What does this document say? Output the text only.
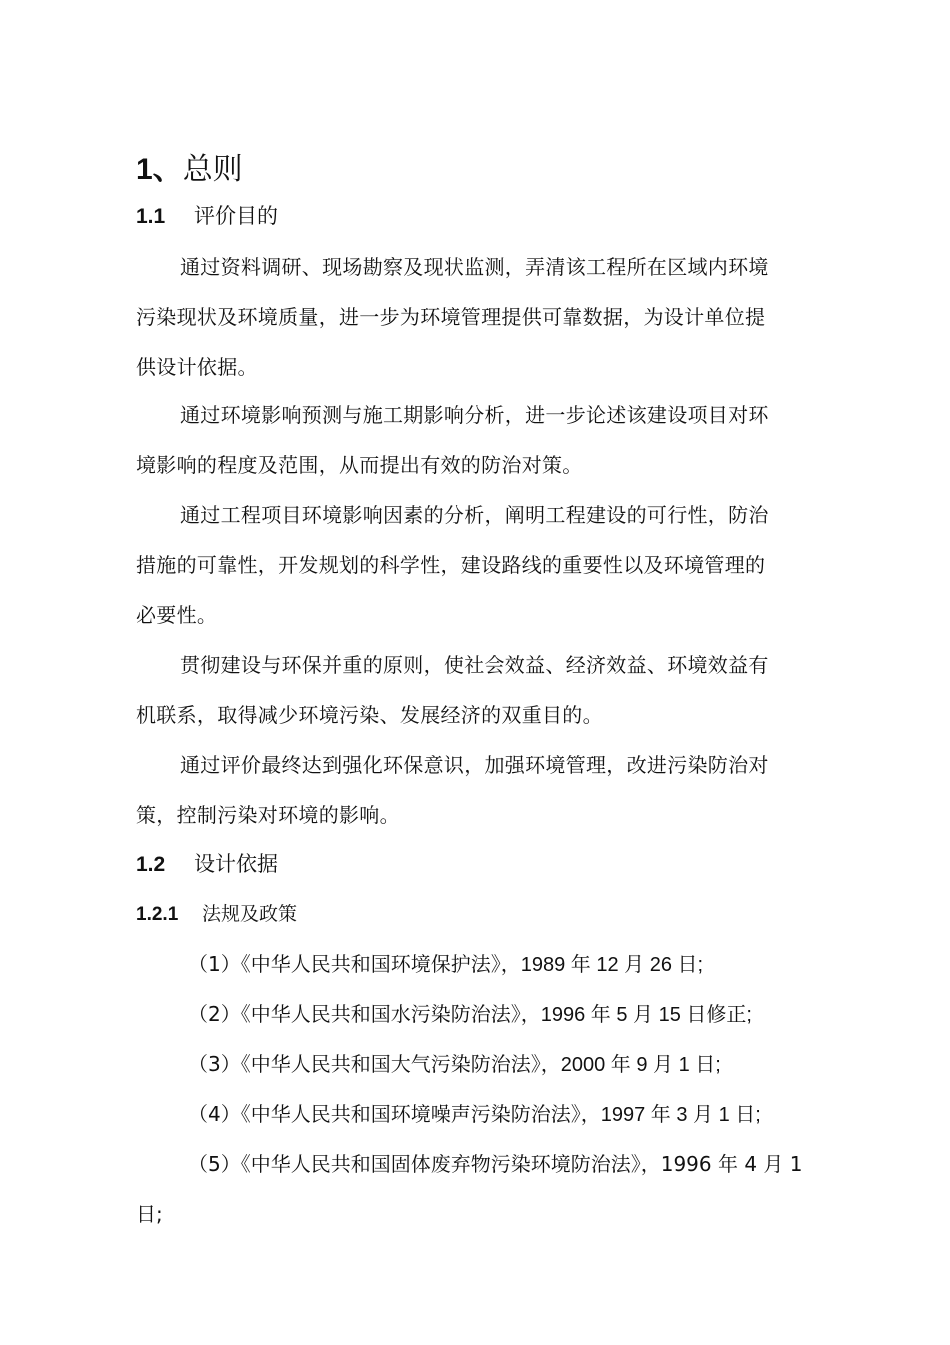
1、总则
1.1 评价目的

通过资料调研、现场勘察及现状监测，弄清该工程所在区域内环境污染现状及环境质量，进一步为环境管理提供可靠数据，为设计单位提供设计依据。

通过环境影响预测与施工期影响分析，进一步论述该建设项目对环境影响的程度及范围，从而提出有效的防治对策。

通过工程项目环境影响因素的分析，阐明工程建设的可行性，防治措施的可靠性，开发规划的科学性，建设路线的重要性以及环境管理的必要性。

贯彻建设与环保并重的原则，使社会效益、经济效益、环境效益有机联系，取得减少环境污染、发展经济的双重目的。

通过评价最终达到强化环保意识，加强环境管理，改进污染防治对策，控制污染对环境的影响。

1.2 设计依据
1.2.1 法规及政策
（1）《中华人民共和国环境保护法》，1989 年 12 月 26 日;
（2）《中华人民共和国水污染防治法》，1996 年 5 月 15 日修正;
（3）《中华人民共和国大气污染防治法》，2000 年 9 月 1 日;
（4）《中华人民共和国环境噪声污染防治法》，1997 年 3 月 1 日;

（5）《中华人民共和国固体废弃物污染环境防治法》，1996 年 4 月 1 日;
